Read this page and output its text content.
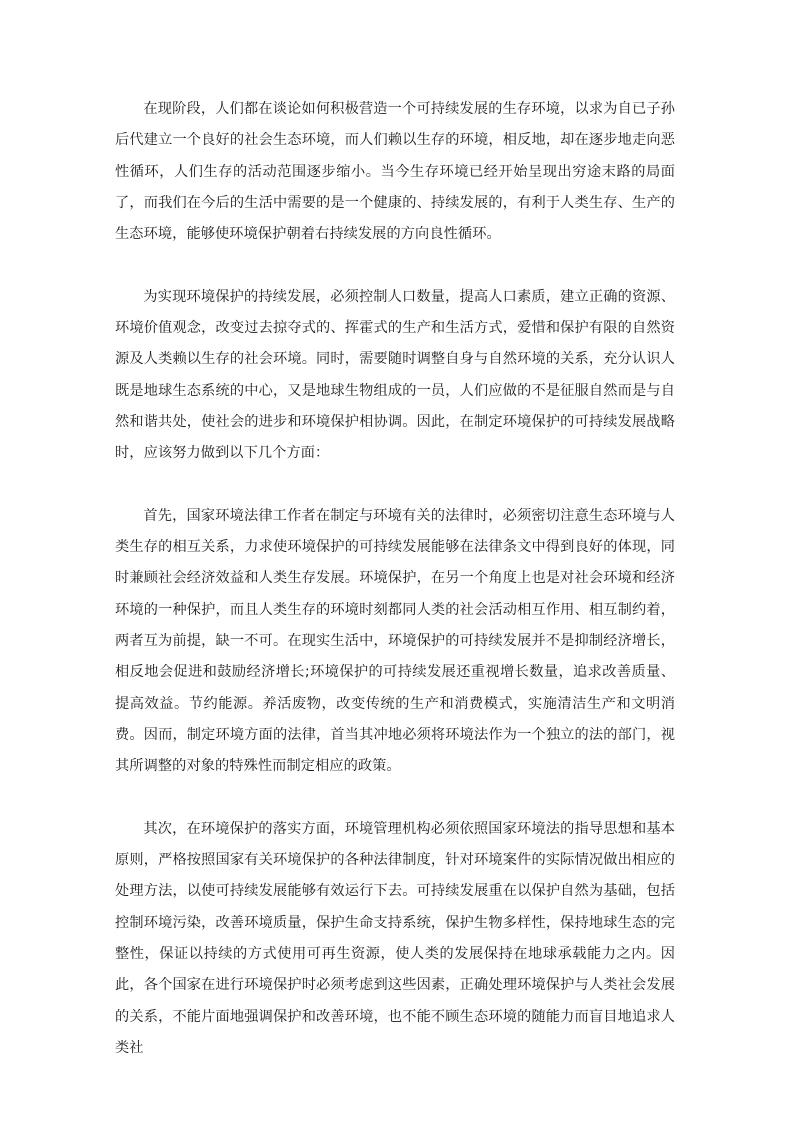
在现阶段，人们都在谈论如何积极营造一个可持续发展的生存环境，以求为自已子孙后代建立一个良好的社会生态环境，而人们赖以生存的环境，相反地，却在逐步地走向恶性循环，人们生存的活动范围逐步缩小。当今生存环境已经开始呈现出穷途末路的局面了，而我们在今后的生活中需要的是一个健康的、持续发展的，有利于人类生存、生产的生态环境，能够使环境保护朝着右持续发展的方向良性循环。

为实现环境保护的持续发展，必须控制人口数量，提高人口素质，建立正确的资源、环境价值观念，改变过去掠夺式的、挥霍式的生产和生活方式，爱惜和保护有限的自然资源及人类赖以生存的社会环境。同时，需要随时调整自身与自然环境的关系，充分认识人既是地球生态系统的中心，又是地球生物组成的一员，人们应做的不是征服自然而是与自然和谐共处，使社会的进步和环境保护相协调。因此，在制定环境保护的可持续发展战略时，应该努力做到以下几个方面：

首先，国家环境法律工作者在制定与环境有关的法律时，必须密切注意生态环境与人类生存的相互关系，力求使环境保护的可持续发展能够在法律条文中得到良好的体现，同时兼顾社会经济效益和人类生存发展。环境保护，在另一个角度上也是对社会环境和经济环境的一种保护，而且人类生存的环境时刻都同人类的社会活动相互作用、相互制约着，两者互为前提，缺一不可。在现实生活中，环境保护的可持续发展并不是抑制经济增长，相反地会促进和鼓励经济增长;环境保护的可持续发展还重视增长数量，追求改善质量、提高效益。节约能源。养活废物，改变传统的生产和消费模式，实施清洁生产和文明消费。因而，制定环境方面的法律，首当其冲地必须将环境法作为一个独立的法的部门，视其所调整的对象的特殊性而制定相应的政策。

其次，在环境保护的落实方面，环境管理机构必须依照国家环境法的指导思想和基本原则，严格按照国家有关环境保护的各种法律制度，针对环境案件的实际情况做出相应的处理方法，以使可持续发展能够有效运行下去。可持续发展重在以保护自然为基础，包括控制环境污染，改善环境质量，保护生命支持系统，保护生物多样性，保持地球生态的完整性，保证以持续的方式使用可再生资源，使人类的发展保持在地球承载能力之内。因此，各个国家在进行环境保护时必须考虑到这些因素，正确处理环境保护与人类社会发展的关系，不能片面地强调保护和改善环境，也不能不顾生态环境的随能力而盲目地追求人类社
